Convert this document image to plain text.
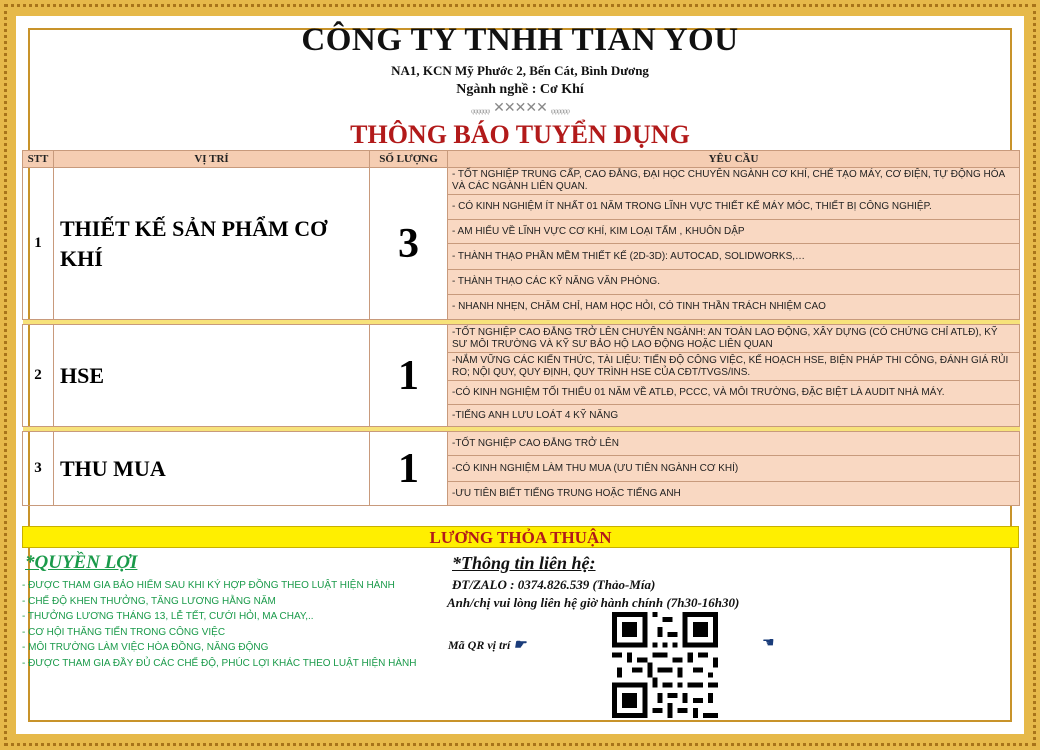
CÔNG TY TNHH TIAN YOU
NA1, KCN Mỹ Phước 2, Bến Cát, Bình Dương
Ngành nghề : Cơ Khí
ᵩᵩᵩᵩᵩᵩ ✕✕✕✕✕ ᵩᵩᵩᵩᵩᵩ
THÔNG BÁO TUYỂN DỤNG
STT	VỊ TRÍ	SỐ LƯỢNG	YÊU CẦU
1	THIẾT KẾ SẢN PHẨM CƠ KHÍ	3	- TỐT NGHIỆP TRUNG CẤP, CAO ĐẲNG, ĐẠI HỌC CHUYÊN NGÀNH CƠ KHÍ, CHẾ TẠO MÁY, CƠ ĐIỆN, TỰ ĐỘNG HÓA VÀ CÁC NGÀNH LIÊN QUAN.
			- CÓ KINH NGHIỆM ÍT NHẤT 01 NĂM TRONG LĨNH VỰC THIẾT KẾ MÁY MÓC, THIẾT BỊ CÔNG NGHIỆP.
			- AM HIỂU VỀ LĨNH VỰC CƠ KHÍ, KIM LOẠI TẤM , KHUÔN DẬP
			- THÀNH THẠO PHẦN MỀM THIẾT KẾ (2D-3D): AUTOCAD, SOLIDWORKS,…
			- THÀNH THẠO CÁC KỸ NĂNG VĂN PHÒNG.
			- NHANH NHẸN, CHĂM CHỈ, HAM HỌC HỎI, CÓ TINH THẦN TRÁCH NHIỆM CAO

2	HSE	1	-TỐT NGHIỆP CAO ĐẲNG TRỞ LÊN CHUYÊN NGÀNH: AN TOÀN LAO ĐỘNG, XÂY DỰNG (CÓ CHỨNG CHỈ ATLĐ), KỸ SƯ MÔI TRƯỜNG VÀ KỸ SƯ BẢO HỘ LAO ĐỘNG HOẶC LIÊN QUAN
			-NẮM VỮNG CÁC KIẾN THỨC, TÀI LIỆU: TIẾN ĐỘ CÔNG VIỆC, KẾ HOẠCH HSE, BIỆN PHÁP THI CÔNG, ĐÁNH GIÁ RỦI RO; NỘI QUY, QUY ĐỊNH, QUY TRÌNH HSE CỦA CĐT/TVGS/INS.
			-CÓ KINH NGHIỆM TỐI THIỂU 01 NĂM VỀ ATLĐ, PCCC, VÀ MÔI TRƯỜNG, ĐẶC BIỆT LÀ AUDIT NHÀ MÁY.
			-TIẾNG ANH LƯU LOÁT 4 KỸ NĂNG

3	THU MUA	1	-TỐT NGHIỆP CAO ĐẲNG TRỞ LÊN
			-CÓ KINH NGHIỆM LÀM THU MUA (ƯU TIÊN NGÀNH CƠ KHÍ)
			-ƯU TIÊN BIẾT TIẾNG TRUNG HOẶC TIẾNG ANH
LƯƠNG THỎA THUẬN
*QUYỀN LỢI
- ĐƯỢC THAM GIA BẢO HIỂM SAU KHI KÝ HỢP ĐỒNG THEO LUẬT HIỆN HÀNH
- CHẾ ĐỘ KHEN THƯỞNG, TĂNG LƯƠNG HẰNG NĂM
- THƯỞNG LƯƠNG THÁNG 13, LỄ TẾT, CƯỚI HỎI, MA CHAY,..
- CƠ HỘI THĂNG TIẾN TRONG CÔNG VIỆC
- MÔI TRƯỜNG LÀM VIỆC HÒA ĐỒNG, NĂNG ĐỘNG
- ĐƯỢC THAM GIA ĐẦY ĐỦ CÁC CHẾ ĐỘ, PHÚC LỢI KHÁC THEO LUẬT HIỆN HÀNH
*Thông tin liên hệ:
ĐT/ZALO : 0374.826.539 (Thảo-Mía)
Anh/chị vui lòng liên hệ giờ hành chính (7h30-16h30)
Mã QR vị trí ☛	☚
